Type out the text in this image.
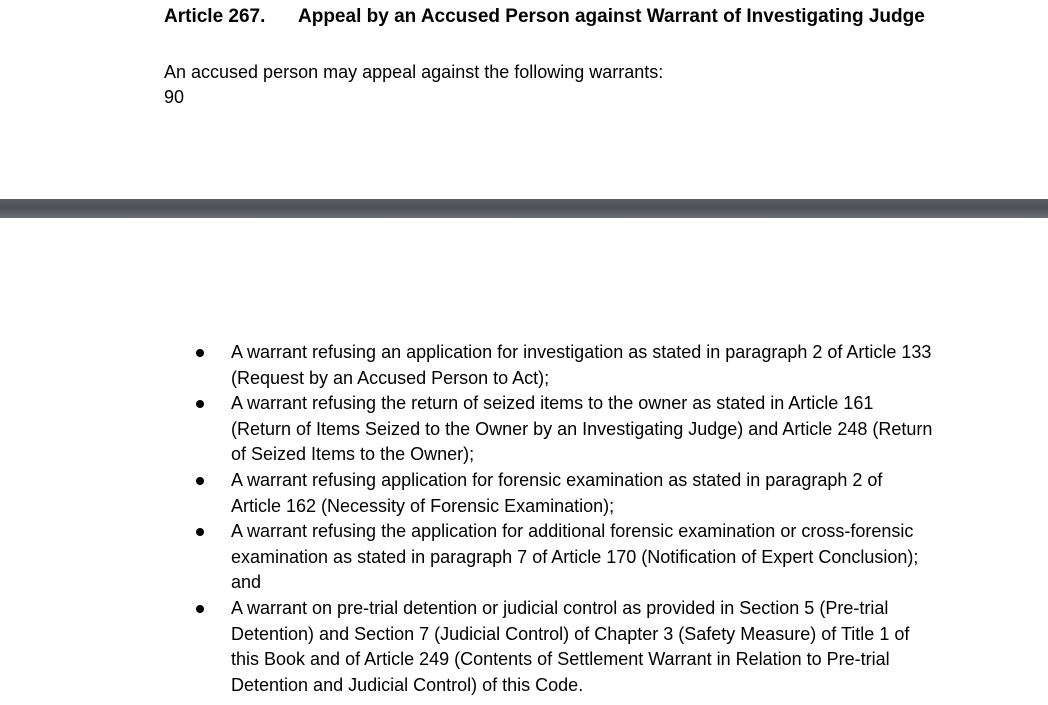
Article 267. Appeal by an Accused Person against Warrant of Investigating Judge
An accused person may appeal against the following warrants:
90
A warrant refusing an application for investigation as stated in paragraph 2 of Article 133 (Request by an Accused Person to Act);
A warrant refusing the return of seized items to the owner as stated in Article 161 (Return of Items Seized to the Owner by an Investigating Judge) and Article 248 (Return of Seized Items to the Owner);
A warrant refusing application for forensic examination as stated in paragraph 2 of Article 162 (Necessity of Forensic Examination);
A warrant refusing the application for additional forensic examination or cross-forensic examination as stated in paragraph 7 of Article 170 (Notification of Expert Conclusion); and
A warrant on pre-trial detention or judicial control as provided in Section 5 (Pre-trial Detention) and Section 7 (Judicial Control) of Chapter 3 (Safety Measure) of Title 1 of this Book and of Article 249 (Contents of Settlement Warrant in Relation to Pre-trial Detention and Judicial Control) of this Code.
